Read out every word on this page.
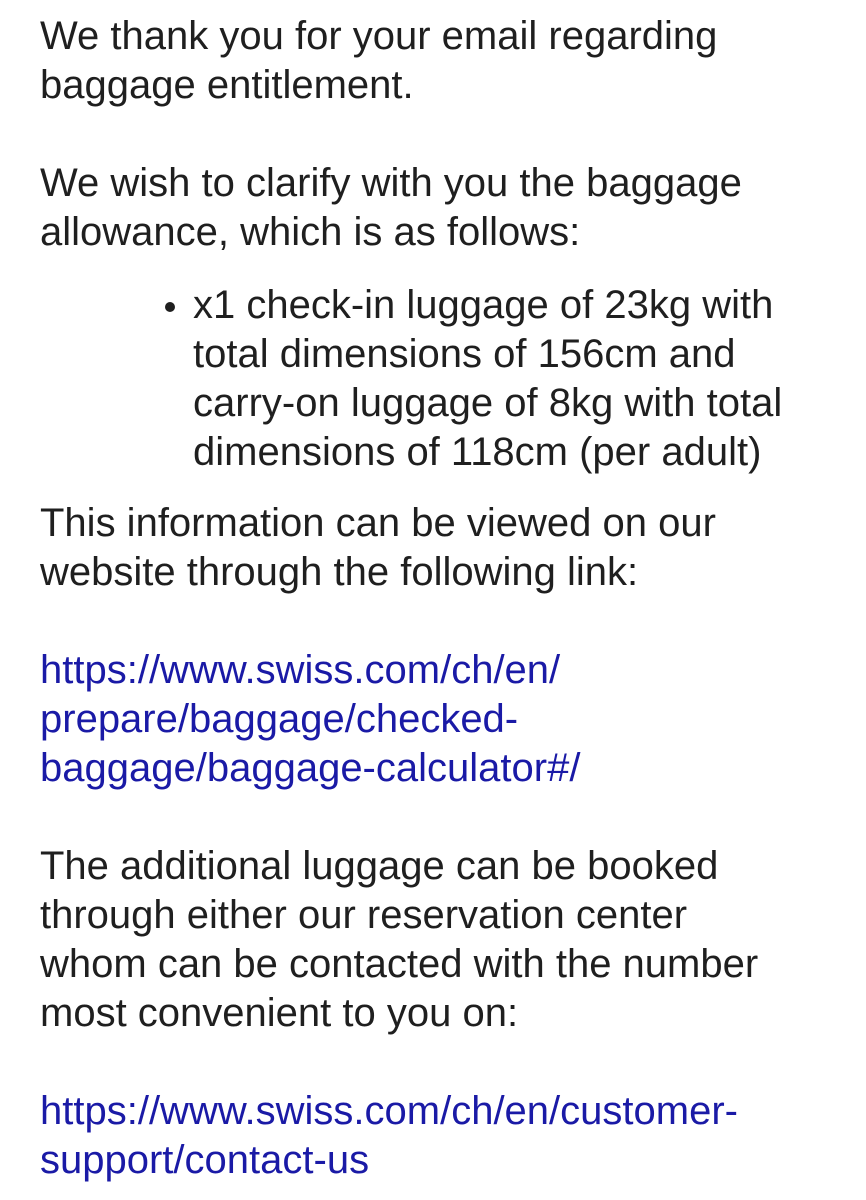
We thank you for your email regarding
baggage entitlement.

We wish to clarify with you the baggage
allowance, which is as follows:

x1 check-in luggage of 23kg with
total dimensions of 156cm and
carry-on luggage of 8kg with total
dimensions of 118cm (per adult)

This information can be viewed on our
website through the following link:

https://www.swiss.com/ch/en/
prepare/baggage/checked-
baggage/baggage-calculator#/

The additional luggage can be booked
through either our reservation center
whom can be contacted with the number
most convenient to you on:

https://www.swiss.com/ch/en/customer-
support/contact-us
